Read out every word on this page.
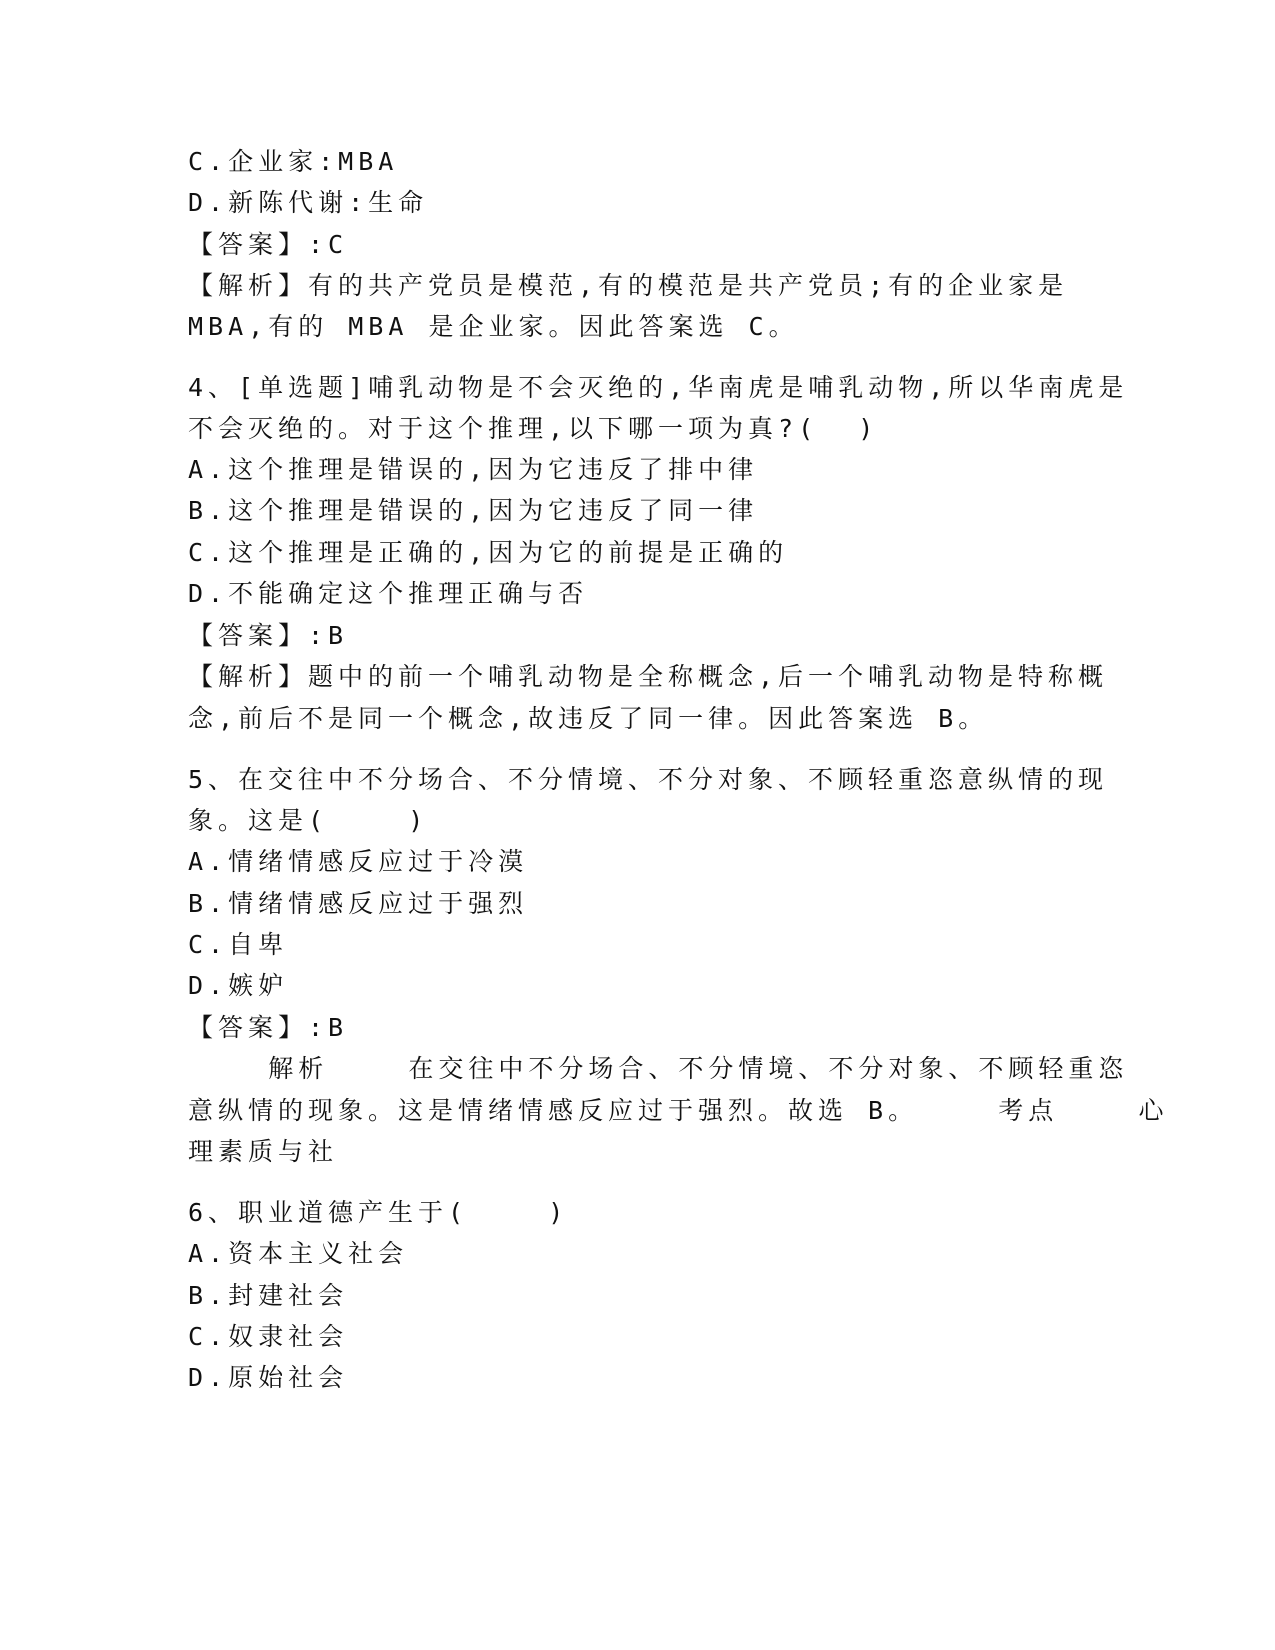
C.企业家:MBA
D.新陈代谢:生命
【答案】:C
【解析】有的共产党员是模范,有的模范是共产党员;有的企业家是
MBA,有的 MBA 是企业家。因此答案选 C。
4、[单选题]哺乳动物是不会灭绝的,华南虎是哺乳动物,所以华南虎是
不会灭绝的。对于这个推理,以下哪一项为真?(  )
A.这个推理是错误的,因为它违反了排中律
B.这个推理是错误的,因为它违反了同一律
C.这个推理是正确的,因为它的前提是正确的
D.不能确定这个推理正确与否
【答案】:B
【解析】题中的前一个哺乳动物是全称概念,后一个哺乳动物是特称概
念,前后不是同一个概念,故违反了同一律。因此答案选 B。
5、在交往中不分场合、不分情境、不分对象、不顾轻重恣意纵情的现
象。这是(    )
A.情绪情感反应过于冷漠
B.情绪情感反应过于强烈
C.自卑
D.嫉妒
【答案】:B
解析    在交往中不分场合、不分情境、不分对象、不顾轻重恣
意纵情的现象。这是情绪情感反应过于强烈。故选 B。    考点    心
理素质与社
6、职业道德产生于(    )
A.资本主义社会
B.封建社会
C.奴隶社会
D.原始社会
